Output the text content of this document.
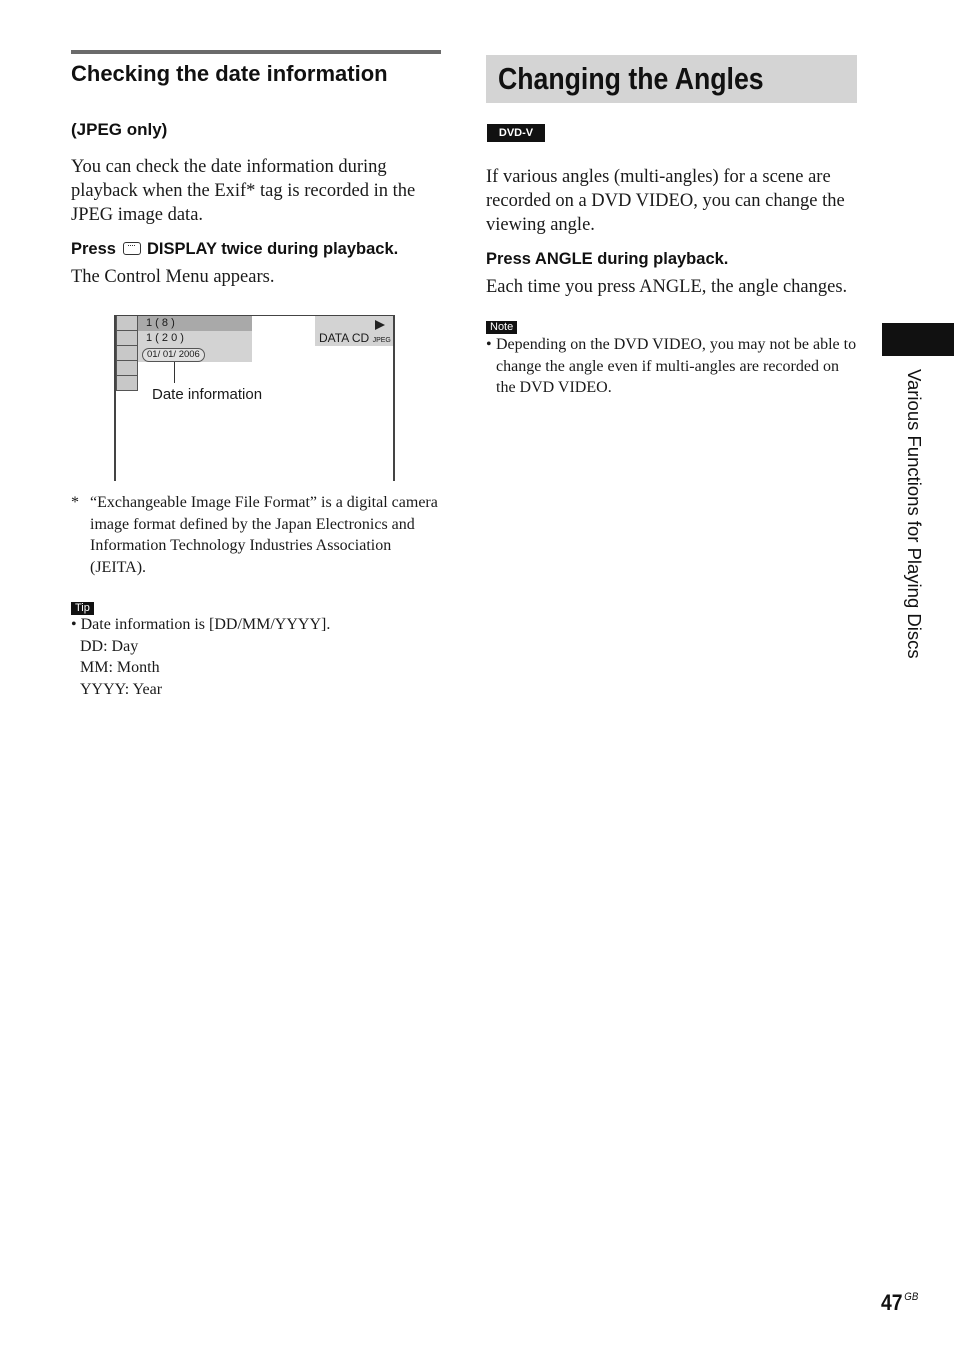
Checking the date information
(JPEG only)
You can check the date information during playback when the Exif* tag is recorded in the JPEG image data.
Press DISPLAY twice during playback.
The Control Menu appears.
1 ( 8 )
1 ( 2 0 )
01/ 01/ 2006
DATA CD JPEG
Date information
* “Exchangeable Image File Format” is a digital camera image format defined by the Japan Electronics and Information Technology Industries Association (JEITA).
Tip
• Date information is [DD/MM/YYYY].
DD: Day
MM: Month
YYYY: Year
Changing the Angles
DVD-V
If various angles (multi-angles) for a scene are recorded on a DVD VIDEO, you can change the viewing angle.
Press ANGLE during playback.
Each time you press ANGLE, the angle changes.
Note
• Depending on the DVD VIDEO, you may not be able to change the angle even if multi-angles are recorded on the DVD VIDEO.	Various Functions for Playing Discs
47 $^{GB}$
